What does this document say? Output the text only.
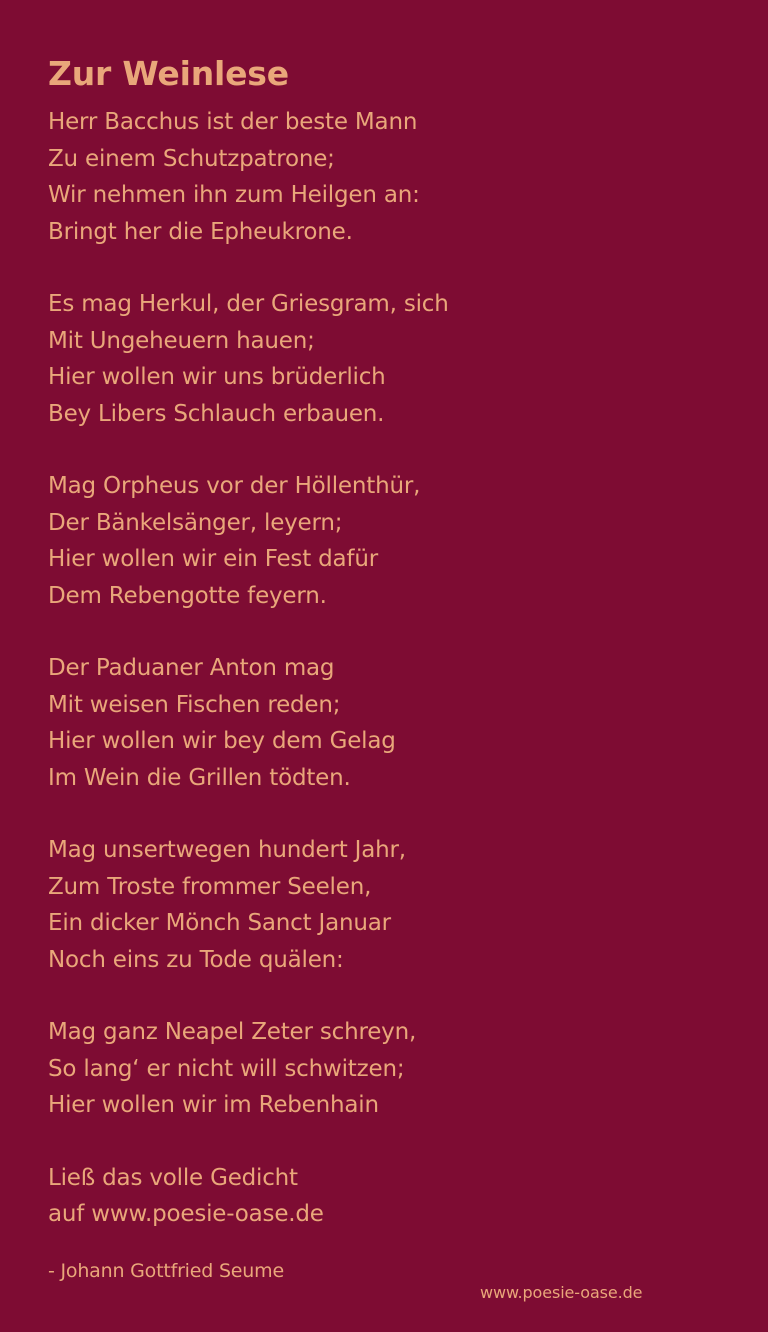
Zur Weinlese
Herr Bacchus ist der beste Mann
Zu einem Schutzpatrone;
Wir nehmen ihn zum Heilgen an:
Bringt her die Epheukrone.
Es mag Herkul, der Griesgram, sich
Mit Ungeheuern hauen;
Hier wollen wir uns brüderlich
Bey Libers Schlauch erbauen.
Mag Orpheus vor der Höllenthür,
Der Bänkelsänger, leyern;
Hier wollen wir ein Fest dafür
Dem Rebengotte feyern.
Der Paduaner Anton mag
Mit weisen Fischen reden;
Hier wollen wir bey dem Gelag
Im Wein die Grillen tödten.
Mag unsertwegen hundert Jahr,
Zum Troste frommer Seelen,
Ein dicker Mönch Sanct Januar
Noch eins zu Tode quälen:
Mag ganz Neapel Zeter schreyn,
So lang‘ er nicht will schwitzen;
Hier wollen wir im Rebenhain
Ließ das volle Gedicht
auf www.poesie-oase.de
- Johann Gottfried Seume
www.poesie-oase.de
